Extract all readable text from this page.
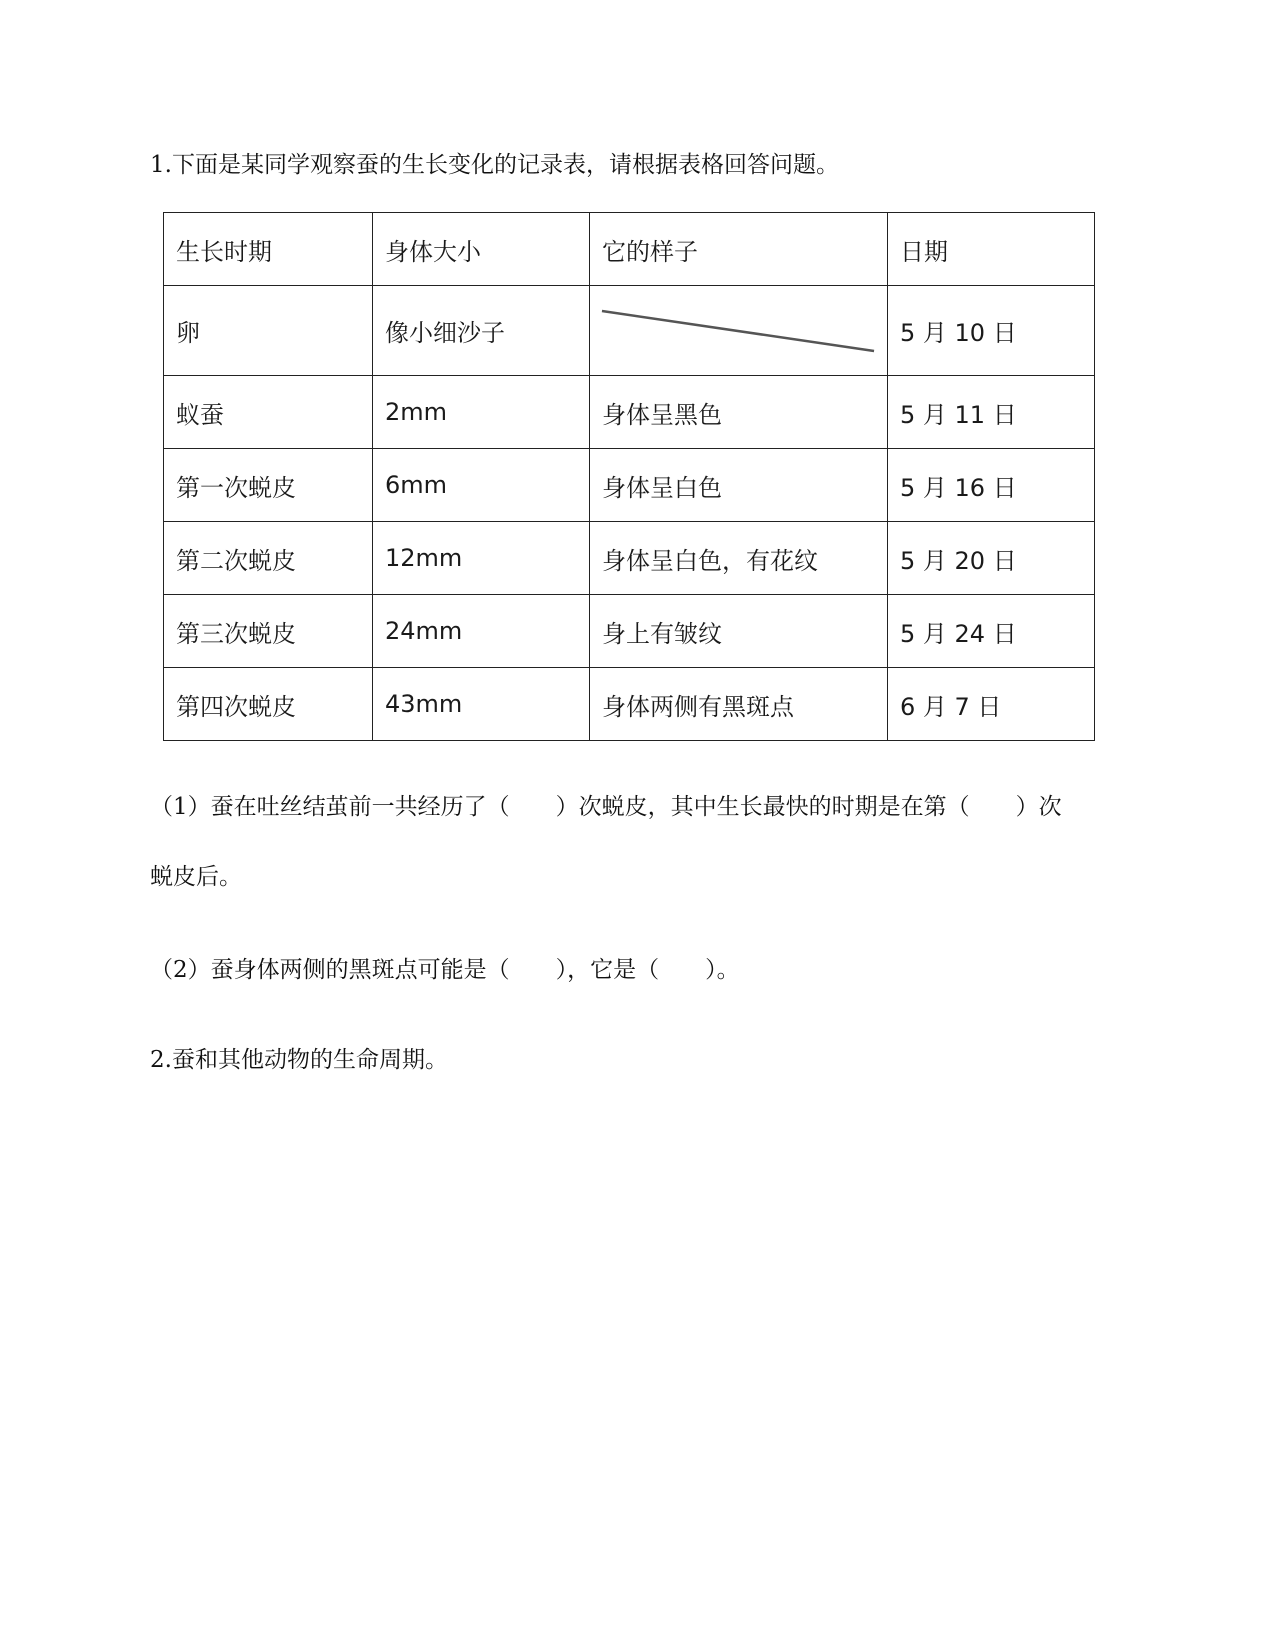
1.下面是某同学观察蚕的生长变化的记录表，请根据表格回答问题。
生长时期	身体大小	它的样子	日期
卵	像小细沙子		5 月 10 日
蚁蚕	2mm	身体呈黑色	5 月 11 日
第一次蜕皮	6mm	身体呈白色	5 月 16 日
第二次蜕皮	12mm	身体呈白色，有花纹	5 月 20 日
第三次蜕皮	24mm	身上有皱纹	5 月 24 日
第四次蜕皮	43mm	身体两侧有黑斑点	6 月 7 日
（1）蚕在吐丝结茧前一共经历了（　　）次蜕皮，其中生长最快的时期是在第（　　）次
蜕皮后。
（2）蚕身体两侧的黑斑点可能是（　　），它是（　　）。
2.蚕和其他动物的生命周期。
